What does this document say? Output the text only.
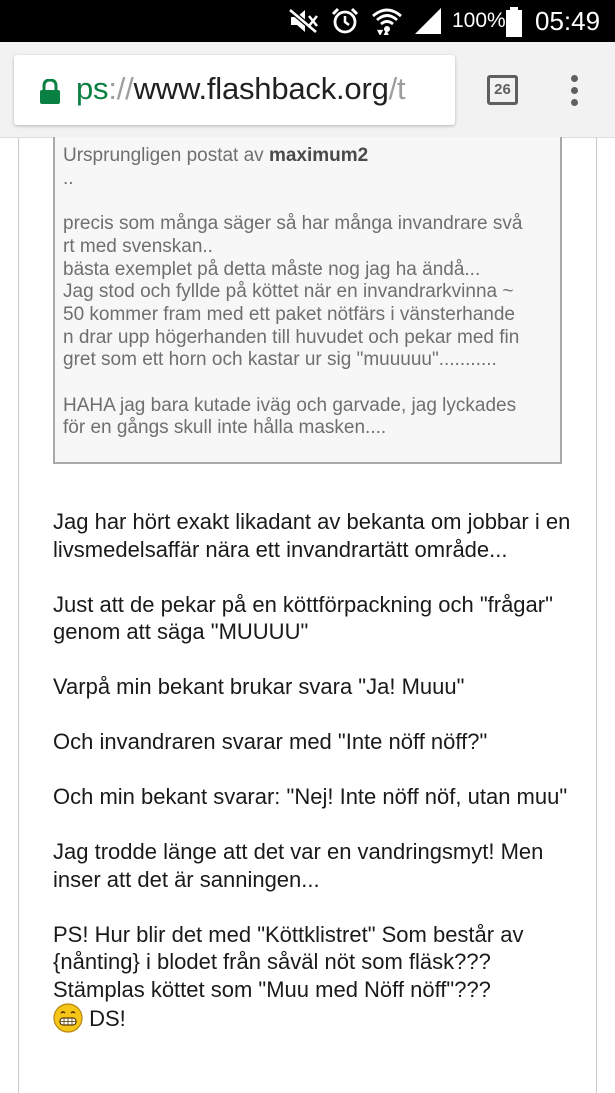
▼▲
100% 05:49
ps://www.flashback.org/t	26

Ursprungligen postat av maximum2

..

precis som många säger så har många invandrare svå

rt med svenskan..

bästa exemplet på detta måste nog jag ha ändå...

Jag stod och fyllde på köttet när en invandrarkvinna ~

50 kommer fram med ett paket nötfärs i vänsterhande

n drar upp högerhanden till huvudet och pekar med fin

gret som ett horn och kastar ur sig "muuuuu"...........

HAHA jag bara kutade iväg och garvade, jag lyckades

för en gångs skull inte hålla masken....

Jag har hört exakt likadant av bekanta om jobbar i en livsmedelsaffär nära ett invandrartätt område...

Just att de pekar på en köttförpackning och "frågar" genom att säga "MUUUU"

Varpå min bekant brukar svara "Ja! Muuu"

Och invandraren svarar med "Inte nöff nöff?"

Och min bekant svarar: "Nej! Inte nöff nöf, utan muu"

Jag trodde länge att det var en vandringsmyt! Men inser att det är sanningen...

PS! Hur blir det med "Köttklistret" Som består av {nånting} i blodet från såväl nöt som fläsk??? Stämplas köttet som "Muu med Nöff nöff"???

DS!
